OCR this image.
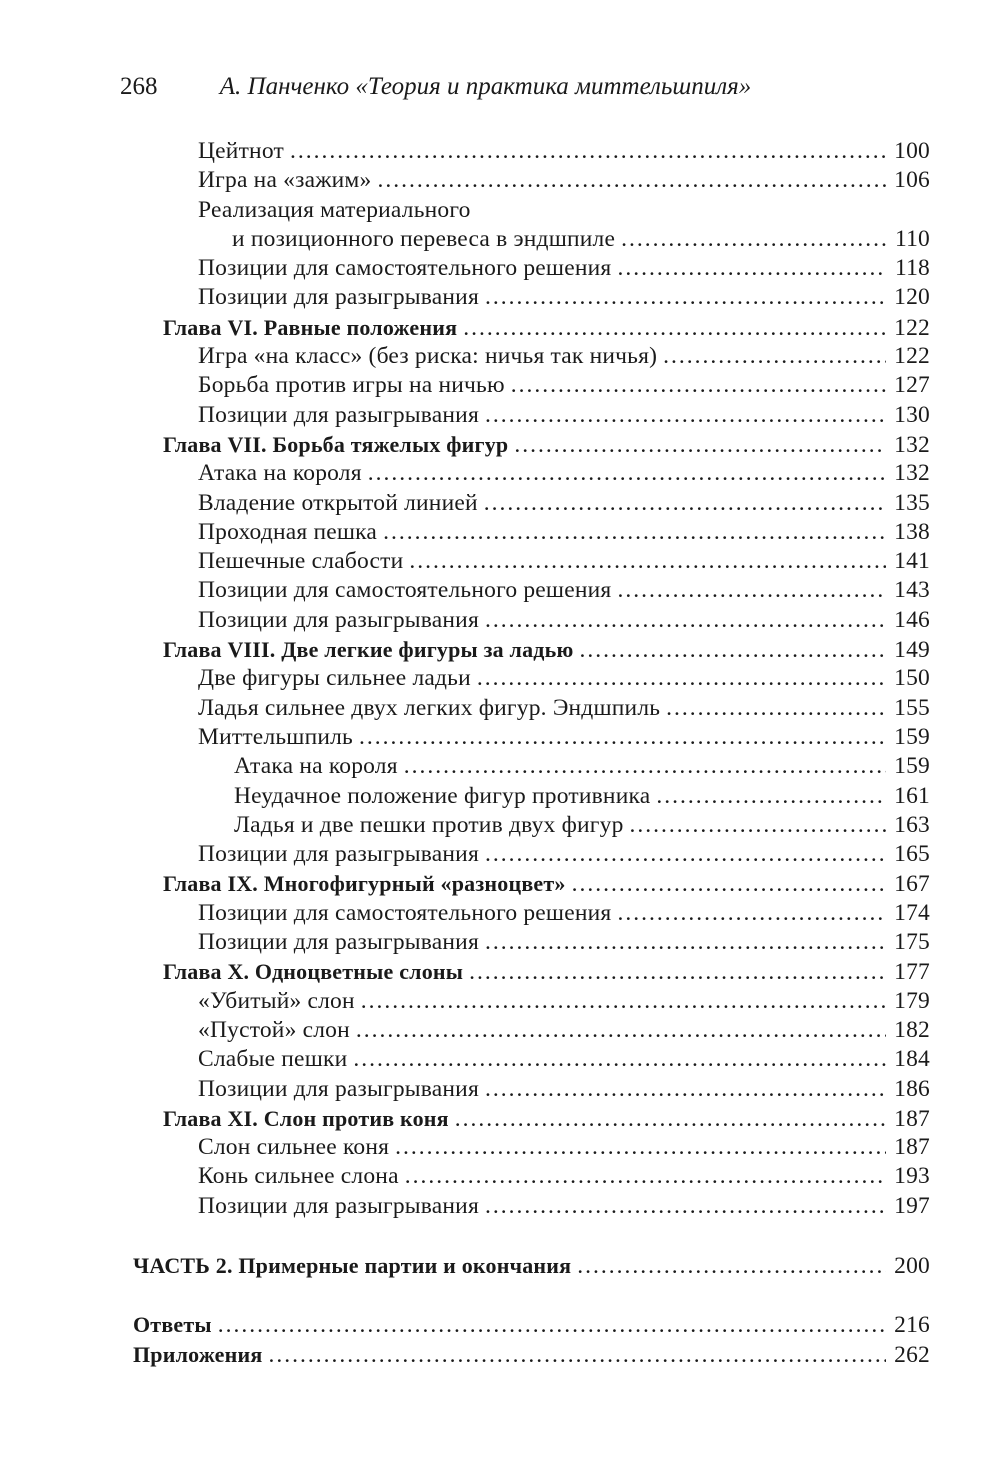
268 А. Панченко «Теория и практика миттельшпиля»
Цейтнот .....	100
Игра на «зажим» .....	106
Реализация материального
и позиционного перевеса в эндшпиле .....	110
Позиции для самостоятельного решения .....	118
Позиции для разыгрывания .....	120
Глава VI. Равные положения .....	122
Игра «на класс» (без риска: ничья так ничья) .....	122
Борьба против игры на ничью .....	127
Позиции для разыгрывания .....	130
Глава VII. Борьба тяжелых фигур .....	132
Атака на короля .....	132
Владение открытой линией .....	135
Проходная пешка .....	138
Пешечные слабости .....	141
Позиции для самостоятельного решения .....	143
Позиции для разыгрывания .....	146
Глава VIII. Две легкие фигуры за ладью .....	149
Две фигуры сильнее ладьи .....	150
Ладья сильнее двух легких фигур. Эндшпиль .....	155
Миттельшпиль .....	159
Атака на короля .....	159
Неудачное положение фигур противника .....	161
Ладья и две пешки против двух фигур .....	163
Позиции для разыгрывания .....	165
Глава IX. Многофигурный «разноцвет» .....	167
Позиции для самостоятельного решения .....	174
Позиции для разыгрывания .....	175
Глава X. Одноцветные слоны .....	177
«Убитый» слон .....	179
«Пустой» слон .....	182
Слабые пешки .....	184
Позиции для разыгрывания .....	186
Глава XI. Слон против коня .....	187
Слон сильнее коня .....	187
Конь сильнее слона .....	193
Позиции для разыгрывания .....	197
ЧАСТЬ 2. Примерные партии и окончания .....	200
Ответы .....	216
Приложения .....	262
